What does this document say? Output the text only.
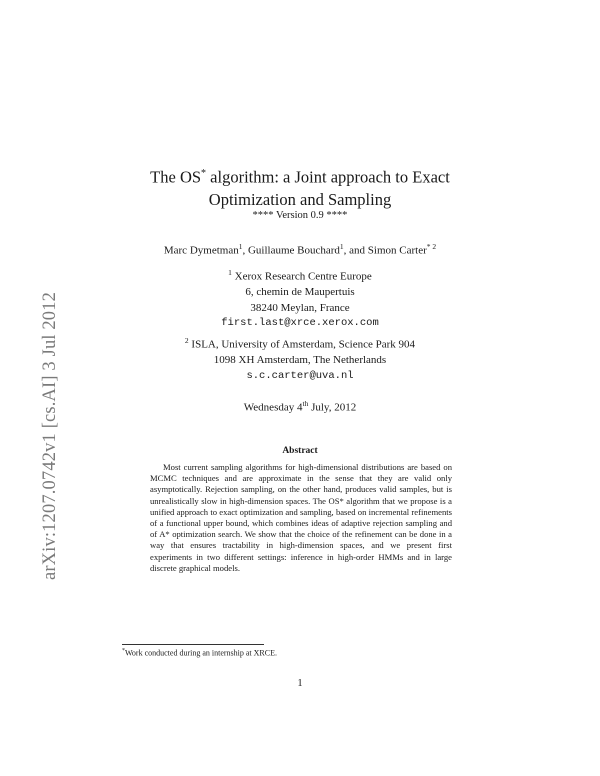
arXiv:1207.0742v1 [cs.AI] 3 Jul 2012
The OS* algorithm: a Joint approach to Exact
Optimization and Sampling
**** Version 0.9 ****
Marc Dymetman$^1$, Guillaume Bouchard$^1$, and Simon Carter$^{* 2}$
$^1$ Xerox Research Centre Europe
6, chemin de Maupertuis
38240 Meylan, France
first.last@xrce.xerox.com
$^2$ ISLA, University of Amsterdam, Science Park 904
1098 XH Amsterdam, The Netherlands
s.c.carter@uva.nl
Wednesday 4th July, 2012
Abstract
Most current sampling algorithms for high-dimensional distributions are based on MCMC techniques and are approximate in the sense that they are valid only asymptotically. Rejection sampling, on the other hand, produces valid samples, but is unrealistically slow in high-dimension spaces. The OS* algorithm that we propose is a unified approach to exact optimization and sampling, based on incremental refinements of a functional upper bound, which combines ideas of adaptive rejection sampling and of A* optimization search. We show that the choice of the refinement can be done in a way that ensures tractability in high-dimension spaces, and we present first experiments in two different settings: inference in high-order HMMs and in large discrete graphical models.
*Work conducted during an internship at XRCE.
1
